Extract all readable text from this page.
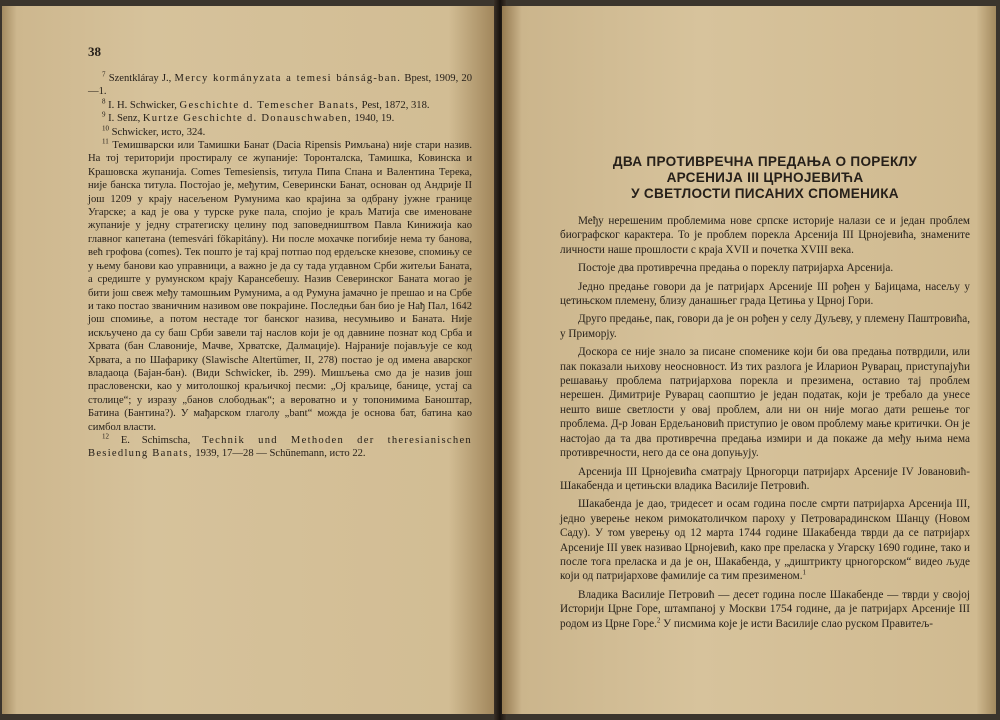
38

$^7$ Szentkláray J., Mercy kormányzata a temesi bánság-ban. Bpest, 1909, 20—1.

$^8$ I. H. Schwicker, Geschichte d. Temescher Banats, Pest, 1872, 318.

$^9$ I. Senz, Kurtze Geschichte d. Donauschwaben, 1940, 19.

$^{10}$ Schwicker, исто, 324.

$^{11}$ Темишварски или Тамишки Банат (Dacia Ripensis Римљана) није стари назив. На тој територији простиралу се жупаније: Торонталска, Тамишка, Ковинска и Крашовска жупанија. Comes Temesiensis, титула Пипа Спана и Валентина Терека, није банска титула. Постојао је, међутим, Северински Банат, основан од Андрије II још 1209 у крају насељеном Румунима као крајина за одбрану јужне границе Угарске; а кад је ова у турске руке пала, спојио је краљ Матија све именоване жупаније у једну стратегиску целину под заповедништвом Павла Кинижија као главног капетана (temesvári főkapitány). Ни после мохачке погибије нема ту банова, већ грофова (comes). Тек пошто је тај крај потпао под ердељске кнезове, спомињу се у њему банови као управници, а важно је да су тада угдавном Срби житељи Баната, а средиште у румунском крају Карансебешу. Назив Северинског Баната могао је бити још свеж међу тамошњим Румунима, а од Румуна јамачно је прешао и на Србе и тако постао званичним називом ове покрајине. Последњи бан био је Нађ Пал, 1642 још спомиње, а потом нестаде тог банског назива, несумњиво и Баната. Није искључено да су баш Срби завели тај наслов који је од давнине познат код Срба и Хрвата (бан Славоније, Мачве, Хрватске, Далмације). Најраније појављује се код Хрвата, а по Шафарику (Slawische Altertümer, II, 278) постао је од имена аварског владаоца (Бајан-бан). (Види Schwicker, ib. 299). Мишљења смо да је назив још праcловенски, као у митолошкој краљичкој песми: „Ој краљице, банице, устај са столице“; у изразу „банов слободњак“; а вероватно и у топонимима Баноштар, Батина (Бантина?). У мађарском глаголу „bant“ можда је основа бат, батина као симбол власти.

$^{12}$ E. Schimscha, Technik und Methoden der theresianischen Besiedlung Banats, 1939, 17—28 — Schünemann, исто 22.

ДВА ПРОТИВРЕЧНА ПРЕДАЊА О ПОРЕКЛУ
АРСЕНИЈА III ЦРНОЈЕВИЋА
У СВЕТЛОСТИ ПИСАНИХ СПОМЕНИКА

Међу нерешеним проблемима нове српске историје налази се и један проблем биографског карактера. То је проблем порекла Арсенија III Црнојевића, знамените личности наше прошлости с краја XVII и почетка XVIII века.

Постоје два противречна предања о пореклу патријарха Арсенија.

Једно предање говори да је патријарх Арсеније III рођен у Бајицама, насељу у цетињском племену, близу данашњег града Цетиња у Црној Гори.

Друго предање, пак, говори да је он рођен у селу Дуљеву, у племену Паштровића, у Приморју.

Доскора се није знало за писане споменике који би ова предања потврдили, или пак показали њихову неосновност. Из тих разлога је Иларион Руварац, приступајући решавању проблема патријархова порекла и презимена, оставио тај проблем нерешен. Димитрије Руварац саопштио је један податак, који је требало да унесе нешто више светлости у овај проблем, али ни он није могао дати решење тог проблема. Д-р Јован Ердељановић приступио је овом проблему мање критички. Он је настојао да та два противречна предања измири и да покаже да међу њима нема противречности, него да се она допуњују.

Арсенија III Црнојевића сматрају Црногорци патријарх Арсеније IV Јовановић-Шакабенда и цетињски владика Василије Петровић.

Шакабенда је дао, тридесет и осам година после смрти патријарха Арсенија III, једно уверење неком римокатоличком пароху у Петроварадинском Шанцу (Новом Саду). У том уверењу од 12 марта 1744 године Шакабенда тврди да се патријарх Арсеније III увек називао Црнојевић, како пре преласка у Угарску 1690 године, тако и после тога преласка и да је он, Шакабенда, у „диштрикту црногорском“ видео људе који од патријархове фамилије са тим презименом.$^1$

Владика Василије Петровић — десет година после Шакабенде — тврди у својој Историји Црне Горе, штампаној у Москви 1754 године, да је патријарх Арсеније III родом из Црне Горе.$^2$ У писмима које је исти Василије слао руском Правитељ-
